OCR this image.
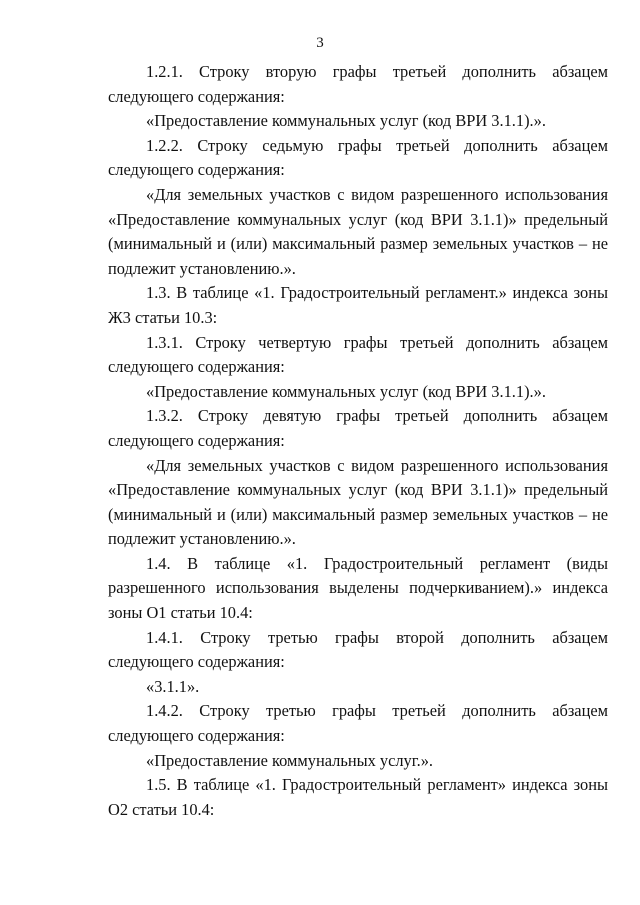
3

1.2.1. Строку вторую графы третьей дополнить абзацем следующего содержания:

«Предоставление коммунальных услуг (код ВРИ 3.1.1).».

1.2.2. Строку седьмую графы третьей дополнить абзацем следующего содержания:

«Для земельных участков с видом разрешенного использования «Предоставление коммунальных услуг (код ВРИ 3.1.1)» предельный (минимальный и (или) максимальный размер земельных участков – не подлежит установлению.».

1.3. В таблице «1. Градостроительный регламент.» индекса зоны Ж3 статьи 10.3:

1.3.1. Строку четвертую графы третьей дополнить абзацем следующего содержания:

«Предоставление коммунальных услуг (код ВРИ 3.1.1).».

1.3.2. Строку девятую графы третьей дополнить абзацем следующего содержания:

«Для земельных участков с видом разрешенного использования «Предоставление коммунальных услуг (код ВРИ 3.1.1)» предельный (минимальный и (или) максимальный размер земельных участков – не подлежит установлению.».

1.4. В таблице «1. Градостроительный регламент (виды разрешенного использования выделены подчеркиванием).» индекса зоны О1 статьи 10.4:

1.4.1. Строку третью графы второй дополнить абзацем следующего содержания:

«3.1.1».

1.4.2. Строку третью графы третьей дополнить абзацем следующего содержания:

«Предоставление коммунальных услуг.».

1.5. В таблице «1. Градостроительный регламент» индекса зоны О2 статьи 10.4:
